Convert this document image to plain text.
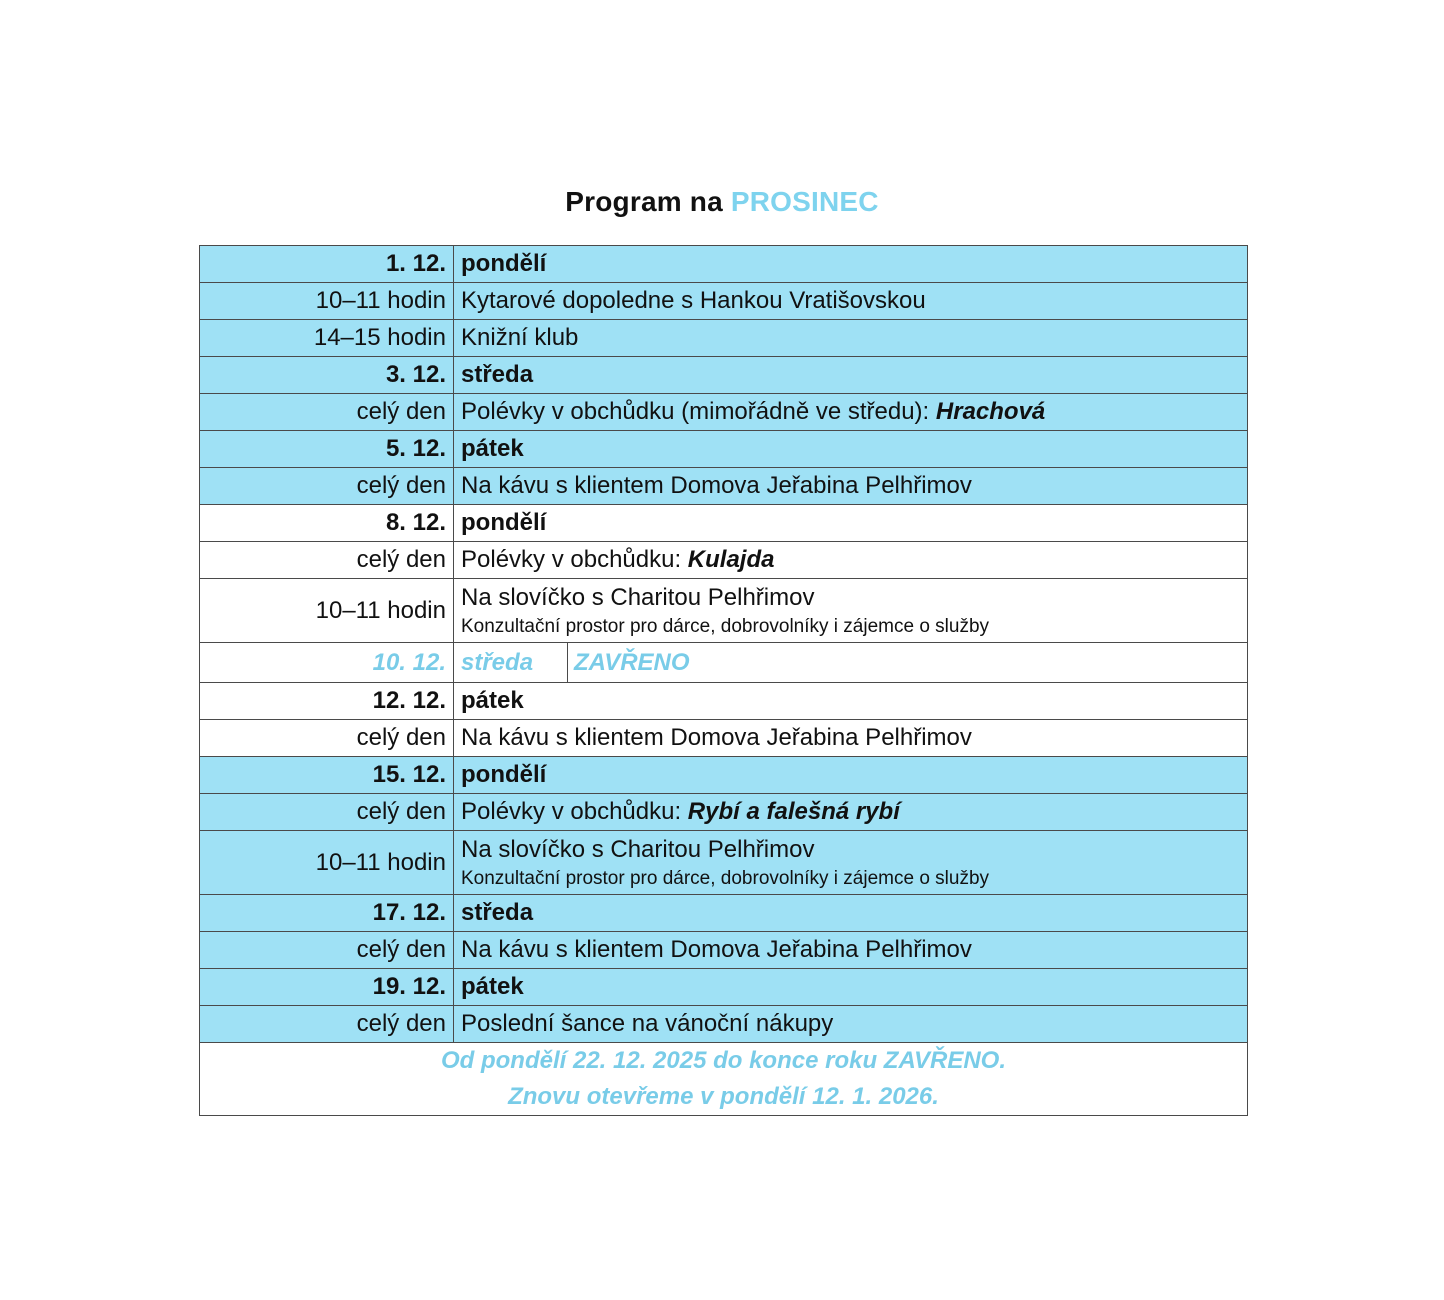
Program na PROSINEC
1. 12.	pondělí
10–11 hodin	Kytarové dopoledne s Hankou Vratišovskou
14–15 hodin	Knižní klub
3. 12.	středa
celý den	Polévky v obchůdku (mimořádně ve středu): Hrachová
5. 12.	pátek
celý den	Na kávu s klientem Domova Jeřabina Pelhřimov
8. 12.	pondělí
celý den	Polévky v obchůdku: Kulajda
10–11 hodin	Na slovíčko s Charitou Pelhřimov
Konzultační prostor pro dárce, dobrovolníky i zájemce o služby

10. 12.	středa ZAVŘENO

12. 12.	pátek
celý den	Na kávu s klientem Domova Jeřabina Pelhřimov
15. 12.	pondělí
celý den	Polévky v obchůdku: Rybí a falešná rybí
10–11 hodin	Na slovíčko s Charitou Pelhřimov
Konzultační prostor pro dárce, dobrovolníky i zájemce o služby

17. 12.	středa
celý den	Na kávu s klientem Domova Jeřabina Pelhřimov
19. 12.	pátek
celý den	Poslední šance na vánoční nákupy

Od pondělí 22. 12. 2025 do konce roku ZAVŘENO.
Znovu otevřeme v pondělí 12. 1. 2026.	
